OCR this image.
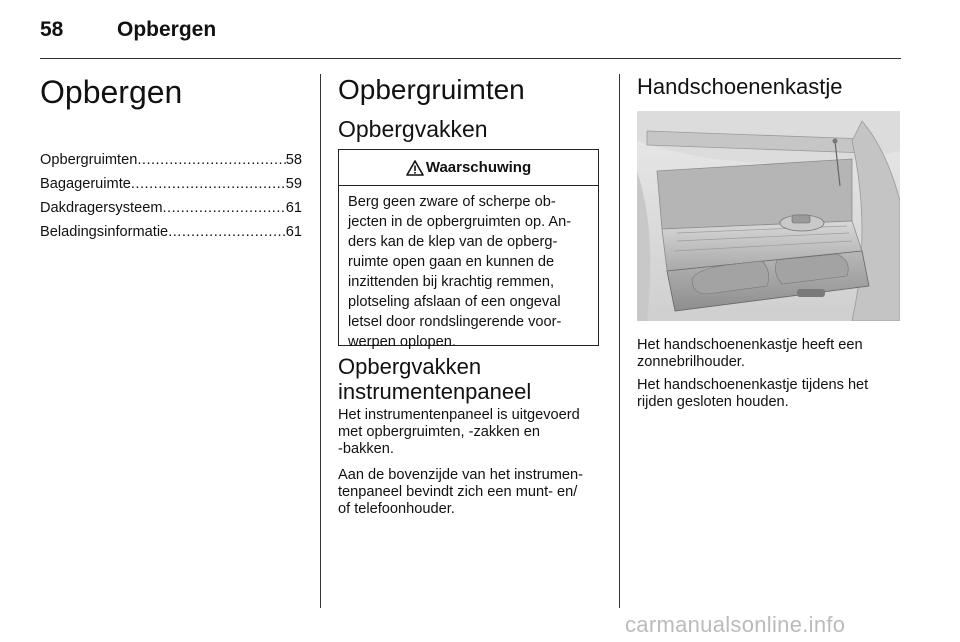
58	Opbergen
Opbergen
Opbergruimten .....	58
Bagageruimte .....	59
Dakdragersysteem .....	61
Beladingsinformatie .....	61
Opbergruimten
Opbergvakken
Waarschuwing
Berg geen zware of scherpe ob-
jecten in de opbergruimten op. An-
ders kan de klep van de opberg-
ruimte open gaan en kunnen de
inzittenden bij krachtig remmen,
plotseling afslaan of een ongeval
letsel door rondslingerende voor-
werpen oplopen.
Opbergvakken
instrumentenpaneel
Het instrumentenpaneel is uitgevoerd
met opbergruimten, -zakken en
-bakken.
Aan de bovenzijde van het instrumen-
tenpaneel bevindt zich een munt- en/
of telefoonhouder.
Handschoenenkastje
Het handschoenenkastje heeft een
zonnebrilhouder.
Het handschoenenkastje tijdens het
rijden gesloten houden.
carmanualsonline.info
